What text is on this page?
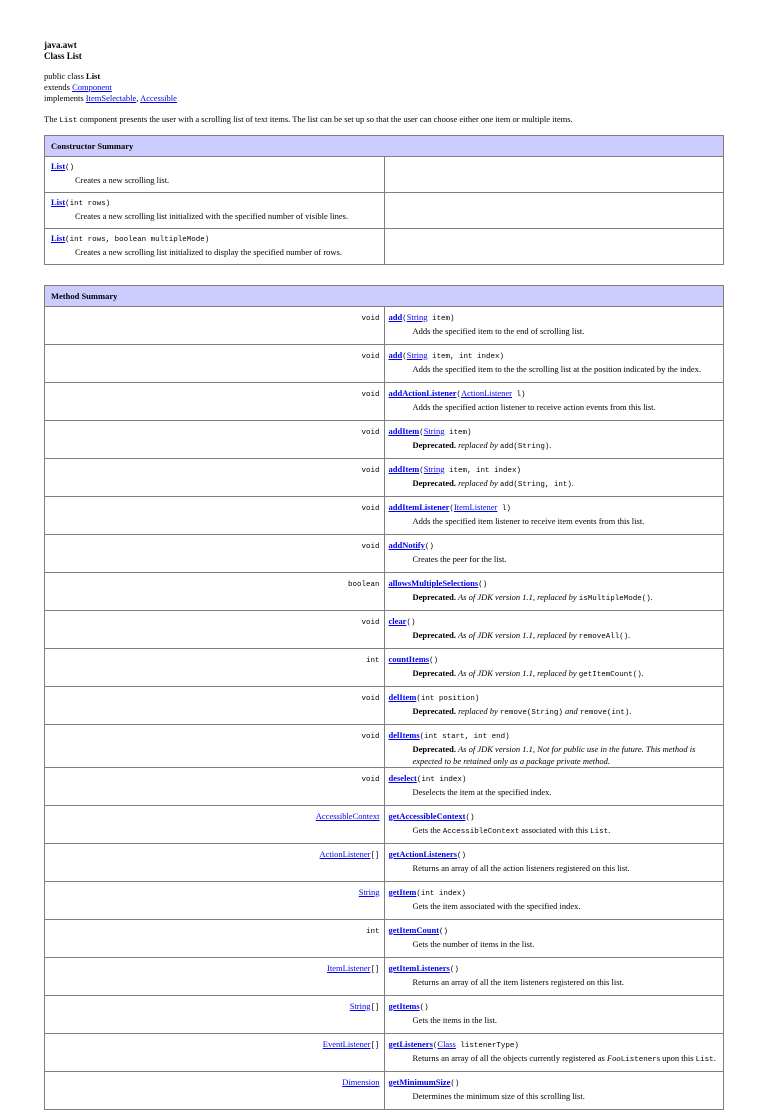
java.awt
Class List
public class List
extends Component
implements ItemSelectable, Accessible
The List component presents the user with a scrolling list of text items. The list can be set up so that the user can choose either one item or multiple items.
Constructor Summary	

List()
Creates a new scrolling list.	

List(int rows)
Creates a new scrolling list initialized with the specified number of visible lines.	

List(int rows, boolean multipleMode)
Creates a new scrolling list initialized to display the specified number of rows.	

Method Summary	
void	add(String item)
Adds the specified item to the end of scrolling list.

void	add(String item, int index)
Adds the specified item to the the scrolling list at the position indicated by the index.

void	addActionListener(ActionListener l)
Adds the specified action listener to receive action events from this list.

void	addItem(String item)
Deprecated. replaced by add(String).

void	addItem(String item, int index)
Deprecated. replaced by add(String, int).

void	addItemListener(ItemListener l)
Adds the specified item listener to receive item events from this list.

void	addNotify()
Creates the peer for the list.

boolean	allowsMultipleSelections()
Deprecated. As of JDK version 1.1, replaced by isMultipleMode().

void	clear()
Deprecated. As of JDK version 1.1, replaced by removeAll().

int	countItems()
Deprecated. As of JDK version 1.1, replaced by getItemCount().

void	delItem(int position)
Deprecated. replaced by remove(String) and remove(int).

void	delItems(int start, int end)
Deprecated. As of JDK version 1.1, Not for public use in the future. This method is expected to be retained only as a package private method.

void	deselect(int index)
Deselects the item at the specified index.

AccessibleContext	getAccessibleContext()
Gets the AccessibleContext associated with this List.

ActionListener[]	getActionListeners()
Returns an array of all the action listeners registered on this list.

String	getItem(int index)
Gets the item associated with the specified index.

int	getItemCount()
Gets the number of items in the list.

ItemListener[]	getItemListeners()
Returns an array of all the item listeners registered on this list.

String[]	getItems()
Gets the items in the list.

EventListener[]	getListeners(Class listenerType)
Returns an array of all the objects currently registered as FooListeners upon this List.

Dimension	getMinimumSize()
Determines the minimum size of this scrolling list.
